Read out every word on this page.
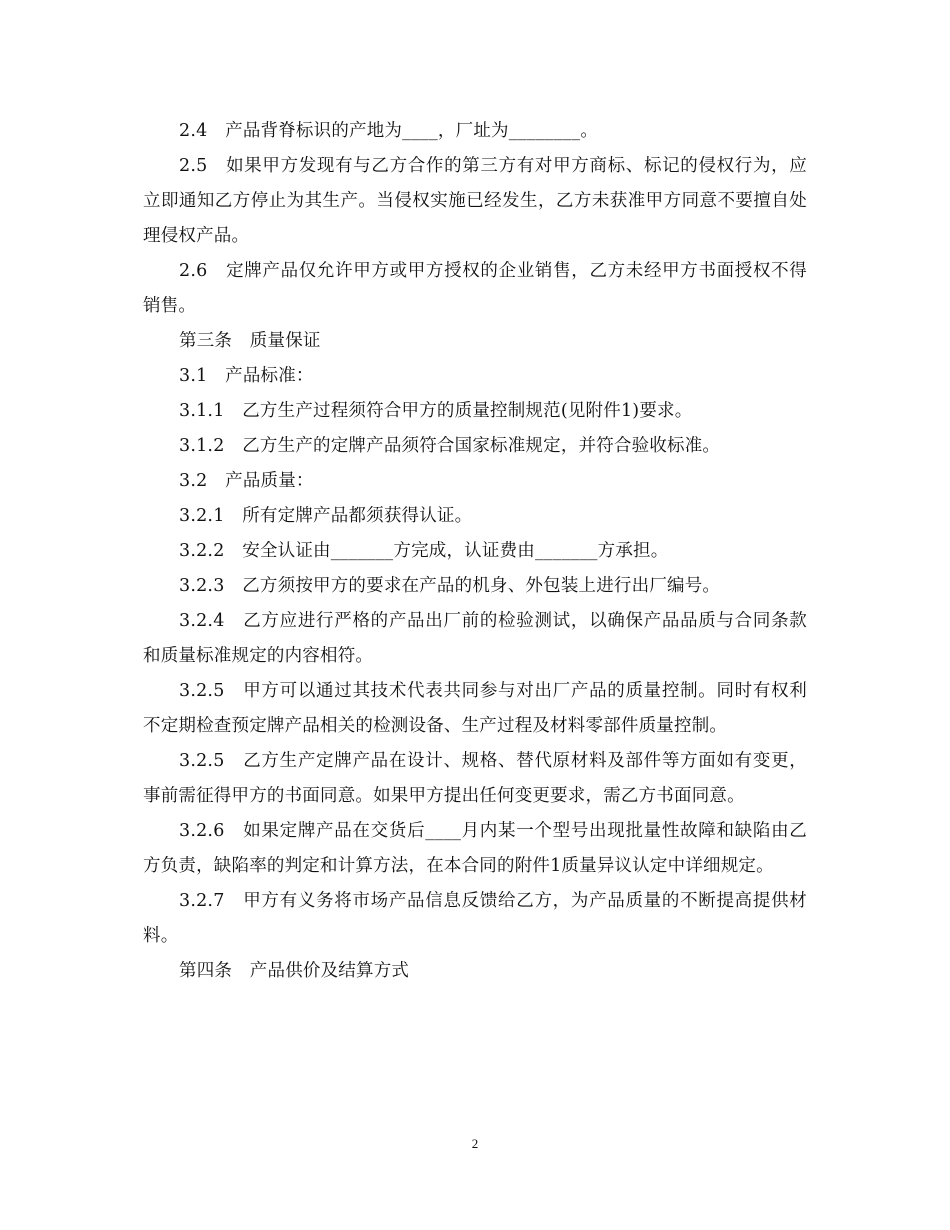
2.4　产品背脊标识的产地为____，厂址为________。

2.5　如果甲方发现有与乙方合作的第三方有对甲方商标、标记的侵权行为，应立即通知乙方停止为其生产。当侵权实施已经发生，乙方未获准甲方同意不要擅自处理侵权产品。

2.6　定牌产品仅允许甲方或甲方授权的企业销售，乙方未经甲方书面授权不得销售。

第三条　质量保证

3.1　产品标准：

3.1.1　乙方生产过程须符合甲方的质量控制规范(见附件1)要求。

3.1.2　乙方生产的定牌产品须符合国家标准规定，并符合验收标准。

3.2　产品质量：

3.2.1　所有定牌产品都须获得认证。

3.2.2　安全认证由_______方完成，认证费由_______方承担。

3.2.3　乙方须按甲方的要求在产品的机身、外包装上进行出厂编号。

3.2.4　乙方应进行严格的产品出厂前的检验测试，以确保产品品质与合同条款和质量标准规定的内容相符。

3.2.5　甲方可以通过其技术代表共同参与对出厂产品的质量控制。同时有权利不定期检查预定牌产品相关的检测设备、生产过程及材料零部件质量控制。

3.2.5　乙方生产定牌产品在设计、规格、替代原材料及部件等方面如有变更，事前需征得甲方的书面同意。如果甲方提出任何变更要求，需乙方书面同意。

3.2.6　如果定牌产品在交货后____月内某一个型号出现批量性故障和缺陷由乙方负责，缺陷率的判定和计算方法，在本合同的附件1质量异议认定中详细规定。

3.2.7　甲方有义务将市场产品信息反馈给乙方，为产品质量的不断提高提供材料。

第四条　产品供价及结算方式

2
